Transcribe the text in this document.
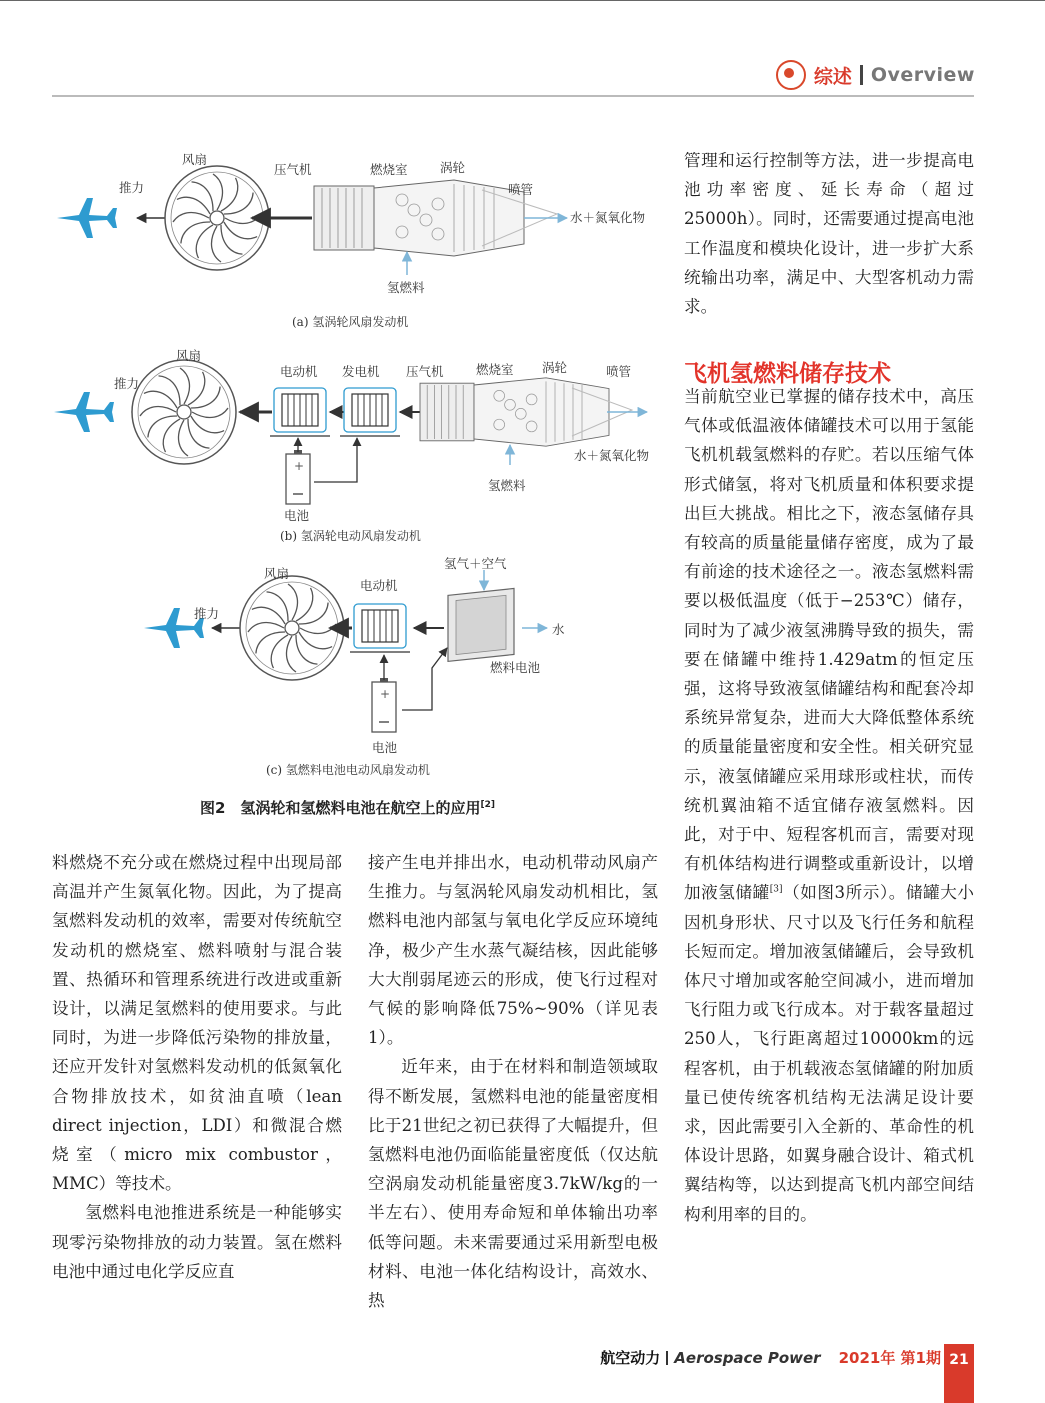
综述 Overview
+
风扇
推力
压气机	燃烧室	涡轮
喷管
水＋氮氧化物
氢燃料
(a) 氢涡轮风扇发动机
风扇
推力
电动机 发电机 压气机	燃烧室 涡轮	喷管
水＋氮氧化物
氢燃料
电池
(b) 氢涡轮电动风扇发动机
风扇
推力
电动机
氢气＋空气
水
燃料电池
电池
(c) 氢燃料电池电动风扇发动机
图2　氢涡轮和氢燃料电池在航空上的应用[2]

料燃烧不充分或在燃烧过程中出现局部高温并产生氮氧化物。因此，为了提高氢燃料发动机的效率，需要对传统航空发动机的燃烧室、燃料喷射与混合装置、热循环和管理系统进行改进或重新设计，以满足氢燃料的使用要求。与此同时，为进一步降低污染物的排放量，还应开发针对氢燃料发动机的低氮氧化合物排放技术，如贫油直喷（lean direct injection，LDI）和微混合燃烧室（micro mix combustor，MMC）等技术。

氢燃料电池推进系统是一种能够实现零污染物排放的动力装置。氢在燃料电池中通过电化学反应直

接产生电并排出水，电动机带动风扇产生推力。与氢涡轮风扇发动机相比，氢燃料电池内部氢与氧电化学反应环境纯净，极少产生水蒸气凝结核，因此能够大大削弱尾迹云的形成，使飞行过程对气候的影响降低75%~90%（详见表1）。

近年来，由于在材料和制造领域取得不断发展，氢燃料电池的能量密度相比于21世纪之初已获得了大幅提升，但氢燃料电池仍面临能量密度低（仅达航空涡扇发动机能量密度3.7kW/kg的一半左右）、使用寿命短和单体输出功率低等问题。未来需要通过采用新型电极材料、电池一体化结构设计，高效水、热

管理和运行控制等方法，进一步提高电池功率密度、延长寿命（超过25000h）。同时，还需要通过提高电池工作温度和模块化设计，进一步扩大系统输出功率，满足中、大型客机动力需求。

飞机氢燃料储存技术

当前航空业已掌握的储存技术中，高压气体或低温液体储罐技术可以用于氢能飞机机载氢燃料的存贮。若以压缩气体形式储氢，将对飞机质量和体积要求提出巨大挑战。相比之下，液态氢储存具有较高的质量能量储存密度，成为了最有前途的技术途径之一。液态氢燃料需要以极低温度（低于−253℃）储存，同时为了减少液氢沸腾导致的损失，需要在储罐中维持1.429atm的恒定压强，这将导致液氢储罐结构和配套冷却系统异常复杂，进而大大降低整体系统的质量能量密度和安全性。相关研究显示，液氢储罐应采用球形或柱状，而传统机翼油箱不适宜储存液氢燃料。因此，对于中、短程客机而言，需要对现有机体结构进行调整或重新设计，以增加液氢储罐[3]（如图3所示）。储罐大小因机身形状、尺寸以及飞行任务和航程长短而定。增加液氢储罐后，会导致机体尺寸增加或客舱空间减小，进而增加飞行阻力或飞行成本。对于载客量超过250人，飞行距离超过10000km的远程客机，由于机载液态氢储罐的附加质量已使传统客机结构无法满足设计要求，因此需要引入全新的、革命性的机体设计思路，如翼身融合设计、箱式机翼结构等，以达到提高飞机内部空间结构利用率的目的。

航空动力 Aerospace Power 2021年 第1期 21
